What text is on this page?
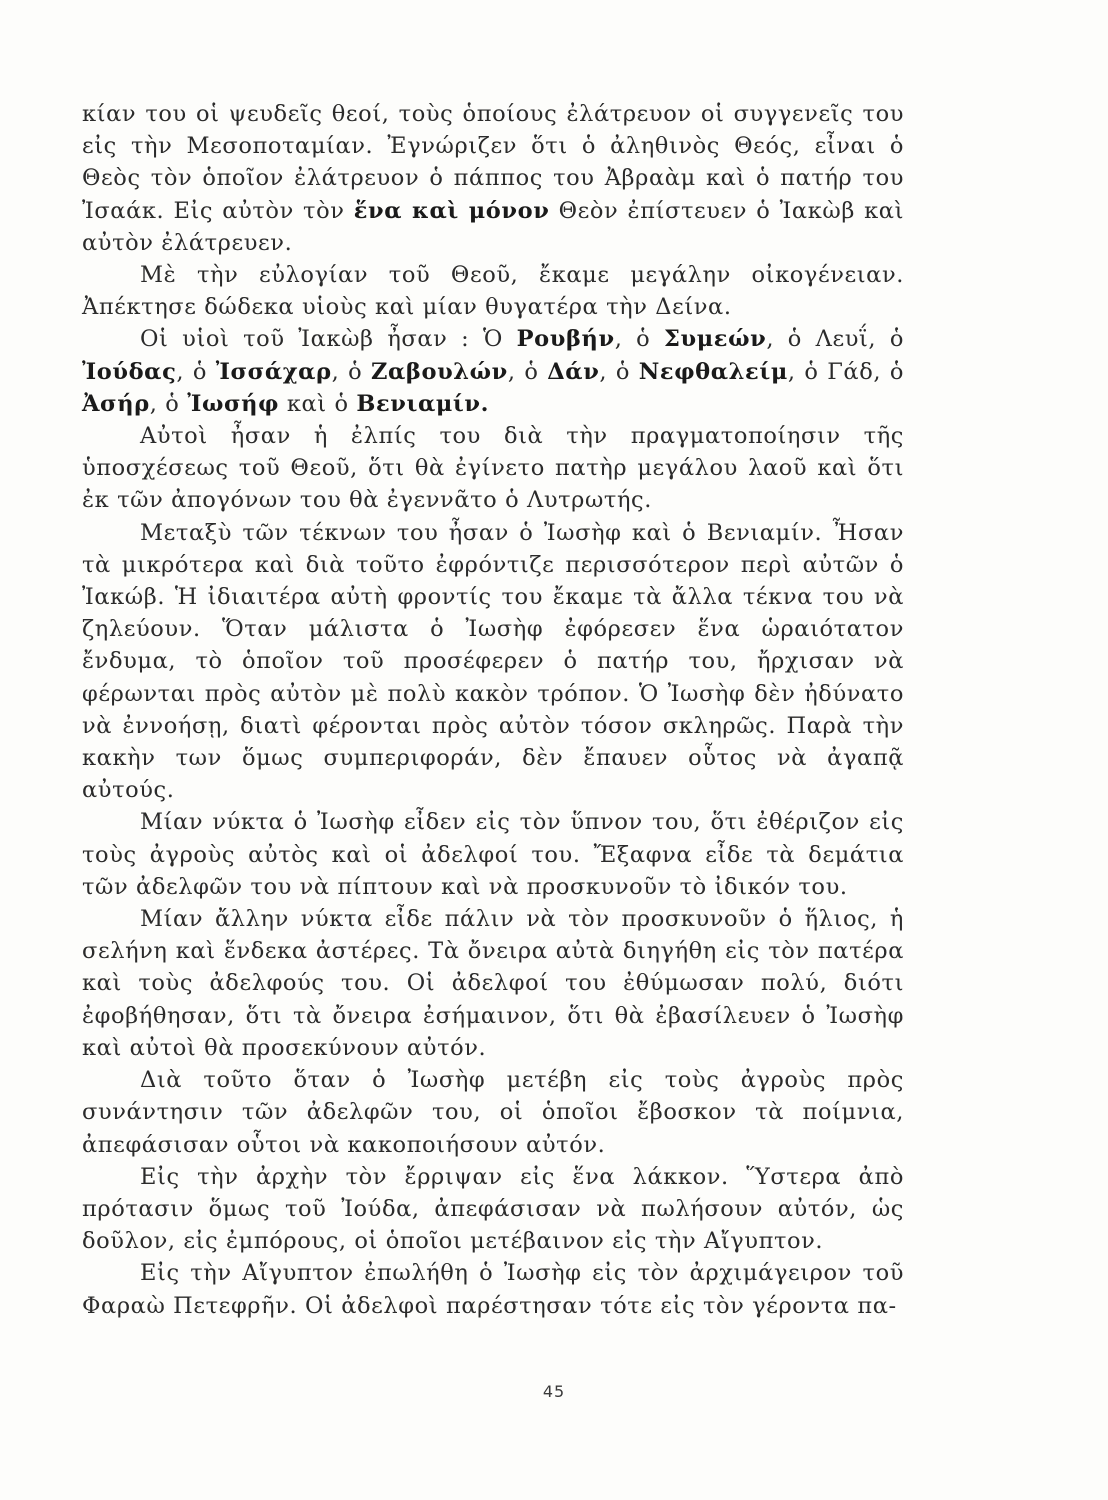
κίαν του οἱ ψευδεῖς θεοί, τοὺς ὁποίους ἐλάτρευον οἱ συγγενεῖς του εἰς τὴν Μεσοποταμίαν. Ἐγνώριζεν ὅτι ὁ ἀληθινὸς Θεός, εἶναι ὁ Θεὸς τὸν ὁποῖον ἐλάτρευον ὁ πάππος του Ἀβραὰμ καὶ ὁ πατήρ του Ἰσαάκ. Εἰς αὐτὸν τὸν ἕνα καὶ μόνον Θεὸν ἐπίστευεν ὁ Ἰακὼβ καὶ αὐτὸν ἐλάτρευεν.

Μὲ τὴν εὐλογίαν τοῦ Θεοῦ, ἔκαμε μεγάλην οἰκογένειαν. Ἀπέκτησε δώδεκα υἱοὺς καὶ μίαν θυγατέρα τὴν Δείνα.

Οἱ υἱοὶ τοῦ Ἰακὼβ ἦσαν : Ὁ Ρουβήν, ὁ Συμεών, ὁ Λευΐ, ὁ Ἰούδας, ὁ Ἰσσάχαρ, ὁ Ζαβουλών, ὁ Δάν, ὁ Νεφθαλείμ, ὁ Γάδ, ὁ Ἀσήρ, ὁ Ἰωσήφ καὶ ὁ Βενιαμίν.

Αὐτοὶ ἦσαν ἡ ἐλπίς του διὰ τὴν πραγματοποίησιν τῆς ὑποσχέσεως τοῦ Θεοῦ, ὅτι θὰ ἐγίνετο πατὴρ μεγάλου λαοῦ καὶ ὅτι ἐκ τῶν ἀπογόνων του θὰ ἐγεννᾶτο ὁ Λυτρωτής.

Μεταξὺ τῶν τέκνων του ἦσαν ὁ Ἰωσὴφ καὶ ὁ Βενιαμίν. Ἦσαν τὰ μικρότερα καὶ διὰ τοῦτο ἐφρόντιζε περισσότερον περὶ αὐτῶν ὁ Ἰακώβ. Ἡ ἰδιαιτέρα αὐτὴ φροντίς του ἔκαμε τὰ ἄλλα τέκνα του νὰ ζηλεύουν. Ὅταν μάλιστα ὁ Ἰωσὴφ ἐφόρεσεν ἕνα ὡραιότατον ἔνδυμα, τὸ ὁποῖον τοῦ προσέφερεν ὁ πατήρ του, ἤρχισαν νὰ φέρωνται πρὸς αὐτὸν μὲ πολὺ κακὸν τρόπον. Ὁ Ἰωσὴφ δὲν ἠδύνατο νὰ ἐννοήσῃ, διατὶ φέρονται πρὸς αὐτὸν τόσον σκληρῶς. Παρὰ τὴν κακὴν των ὅμως συμπεριφοράν, δὲν ἔπαυεν οὗτος νὰ ἀγαπᾷ αὐτούς.

Μίαν νύκτα ὁ Ἰωσὴφ εἶδεν εἰς τὸν ὕπνον του, ὅτι ἐθέριζον εἰς τοὺς ἀγροὺς αὐτὸς καὶ οἱ ἀδελφοί του. Ἔξαφνα εἶδε τὰ δεμάτια τῶν ἀδελφῶν του νὰ πίπτουν καὶ νὰ προσκυνοῦν τὸ ἰδικόν του.

Μίαν ἄλλην νύκτα εἶδε πάλιν νὰ τὸν προσκυνοῦν ὁ ἥλιος, ἡ σελήνη καὶ ἕνδεκα ἀστέρες. Τὰ ὄνειρα αὐτὰ διηγήθη εἰς τὸν πατέρα καὶ τοὺς ἀδελφούς του. Οἱ ἀδελφοί του ἐθύμωσαν πολύ, διότι ἐφοβήθησαν, ὅτι τὰ ὄνειρα ἐσήμαινον, ὅτι θὰ ἐβασίλευεν ὁ Ἰωσὴφ καὶ αὐτοὶ θὰ προσεκύνουν αὐτόν.

Διὰ τοῦτο ὅταν ὁ Ἰωσὴφ μετέβη εἰς τοὺς ἀγροὺς πρὸς συνάντησιν τῶν ἀδελφῶν του, οἱ ὁποῖοι ἔβοσκον τὰ ποίμνια, ἀπεφάσισαν οὗτοι νὰ κακοποιήσουν αὐτόν.

Εἰς τὴν ἀρχὴν τὸν ἔρριψαν εἰς ἕνα λάκκον. Ὕστερα ἀπὸ πρότασιν ὅμως τοῦ Ἰούδα, ἀπεφάσισαν νὰ πωλήσουν αὐτόν, ὡς δοῦλον, εἰς ἐμπόρους, οἱ ὁποῖοι μετέβαινον εἰς τὴν Αἴγυπτον.

Εἰς τὴν Αἴγυπτον ἐπωλήθη ὁ Ἰωσὴφ εἰς τὸν ἀρχιμάγειρον τοῦ Φαραὼ Πετεφρῆν. Οἱ ἀδελφοὶ παρέστησαν τότε εἰς τὸν γέροντα πα-

45
